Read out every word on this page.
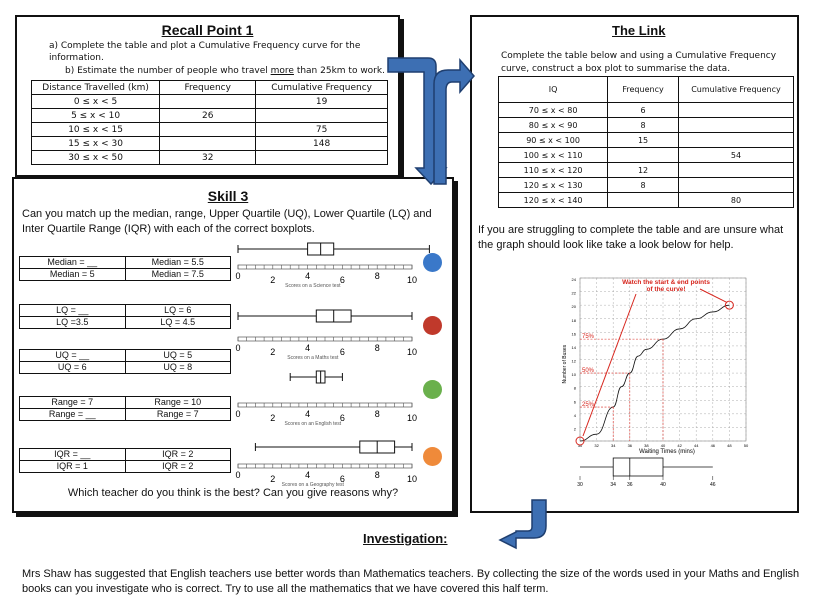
Recall Point 1
a) Complete the table and plot a Cumulative Frequency curve for the information.
b) Estimate the number of people who travel more than 25km to work.
Distance Travelled (km)	Frequency	Cumulative Frequency
0 ≤ x < 5		19
5 ≤ x < 10	26	
10 ≤ x < 15		75
15 ≤ x < 30		148
30 ≤ x < 50	32	
Skill 3
Can you match up the median, range, Upper Quartile (UQ), Lower Quartile (LQ) and Inter Quartile Range (IQR) with each of the correct boxplots.
Median = __	Median = 5.5
Median = 5	Median = 7.5
LQ = __	LQ = 6
LQ =3.5	LQ = 4.5
UQ = __	UQ = 5
UQ = 6	UQ = 8
Range = 7	Range = 10
Range = __	Range = 7
IQR = __	IQR = 2
IQR = 1	IQR = 2
0	2	4	6	8	10
Scores on a Science test
0	2	4	6	8	10
Scores on a Maths test
0	2	4	6	8	10
Scores on an English test
0	2	4	6	8	10
Scores on a Geography test
Which teacher do you think is the best? Can you give reasons why?
The Link
Complete the table below and using a Cumulative Frequency curve, construct a box plot to summarise the data.
IQ	Frequency	Cumulative Frequency
70 ≤ x < 80	6	
80 ≤ x < 90	8	
90 ≤ x < 100	15	
100 ≤ x < 110		54
110 ≤ x < 120	12	
120 ≤ x < 130	8	
120 ≤ x < 140		80
If you are struggling to complete the table and are unsure what the graph should look like take a look below for help.
24
22
20
18
16
14
12
10
8
6
4
2
30	32	34	36	38	40	42	44	46	48	50
Number of Buses
Waiting Times (mins)
75%
50%
25%
Watch the start & end points
of the curve!
30	34 36	40	46
Investigation:
Mrs Shaw has suggested that English teachers use better words than Mathematics teachers. By collecting the size of the words used in your Maths and English books can you investigate who is correct. Try to use all the mathematics that we have covered this half term.
